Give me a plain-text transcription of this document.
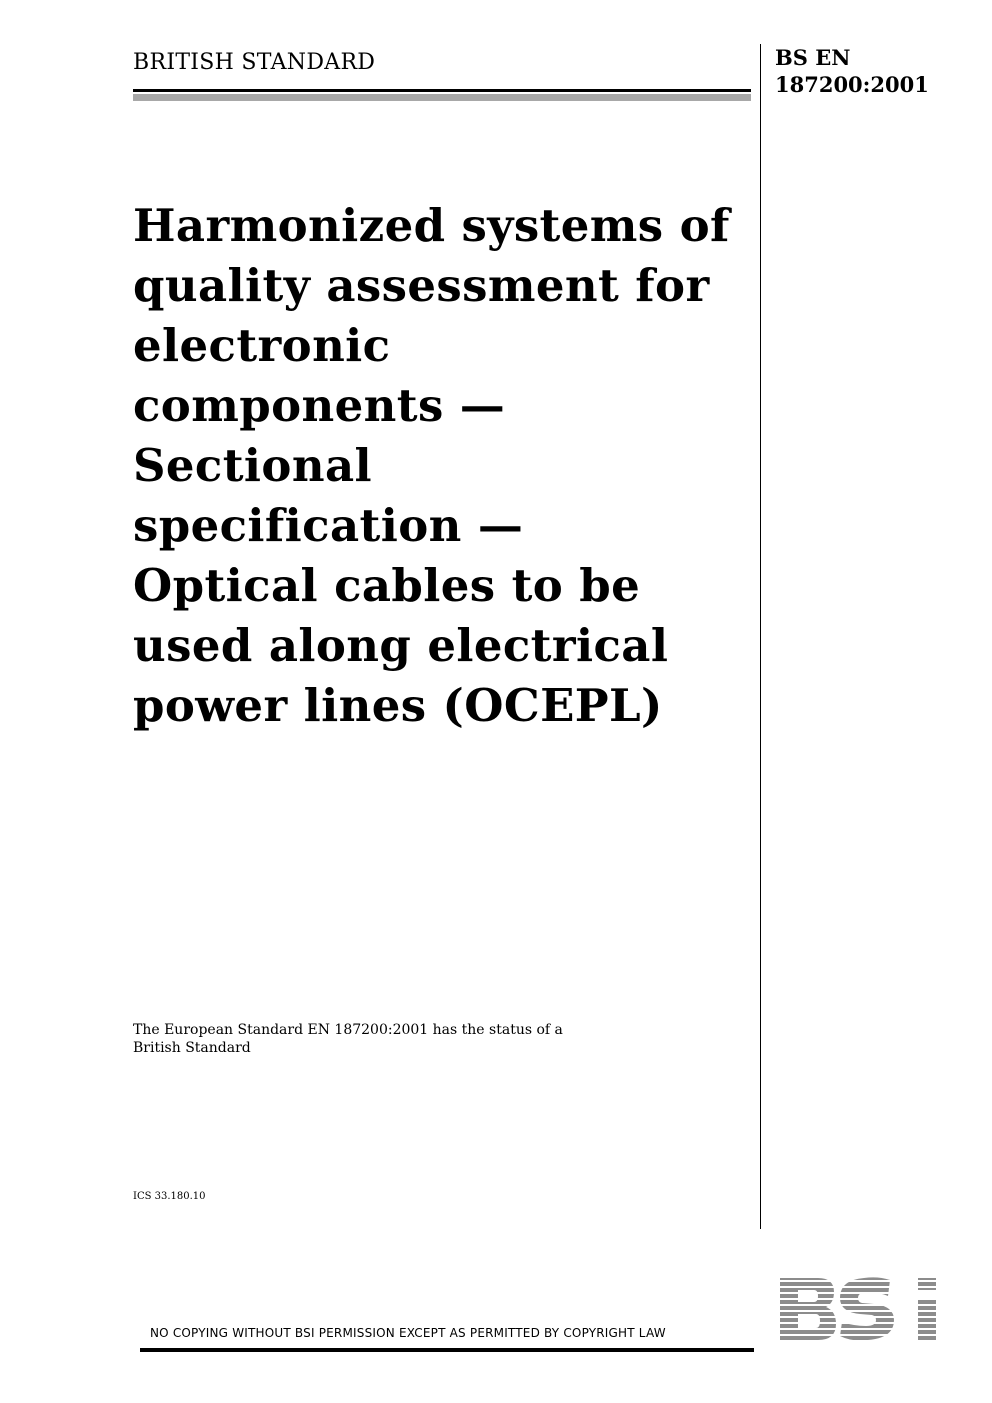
BRITISH STANDARD	BS EN
187200:2001
Harmonized systems of
quality assessment for
electronic
components —
Sectional
specification —
Optical cables to be
used along electrical
power lines (OCEPL)
The European Standard EN 187200:2001 has the status of a
British Standard
ICS 33.180.10
NO COPYING WITHOUT BSI PERMISSION EXCEPT AS PERMITTED BY COPYRIGHT LAW
